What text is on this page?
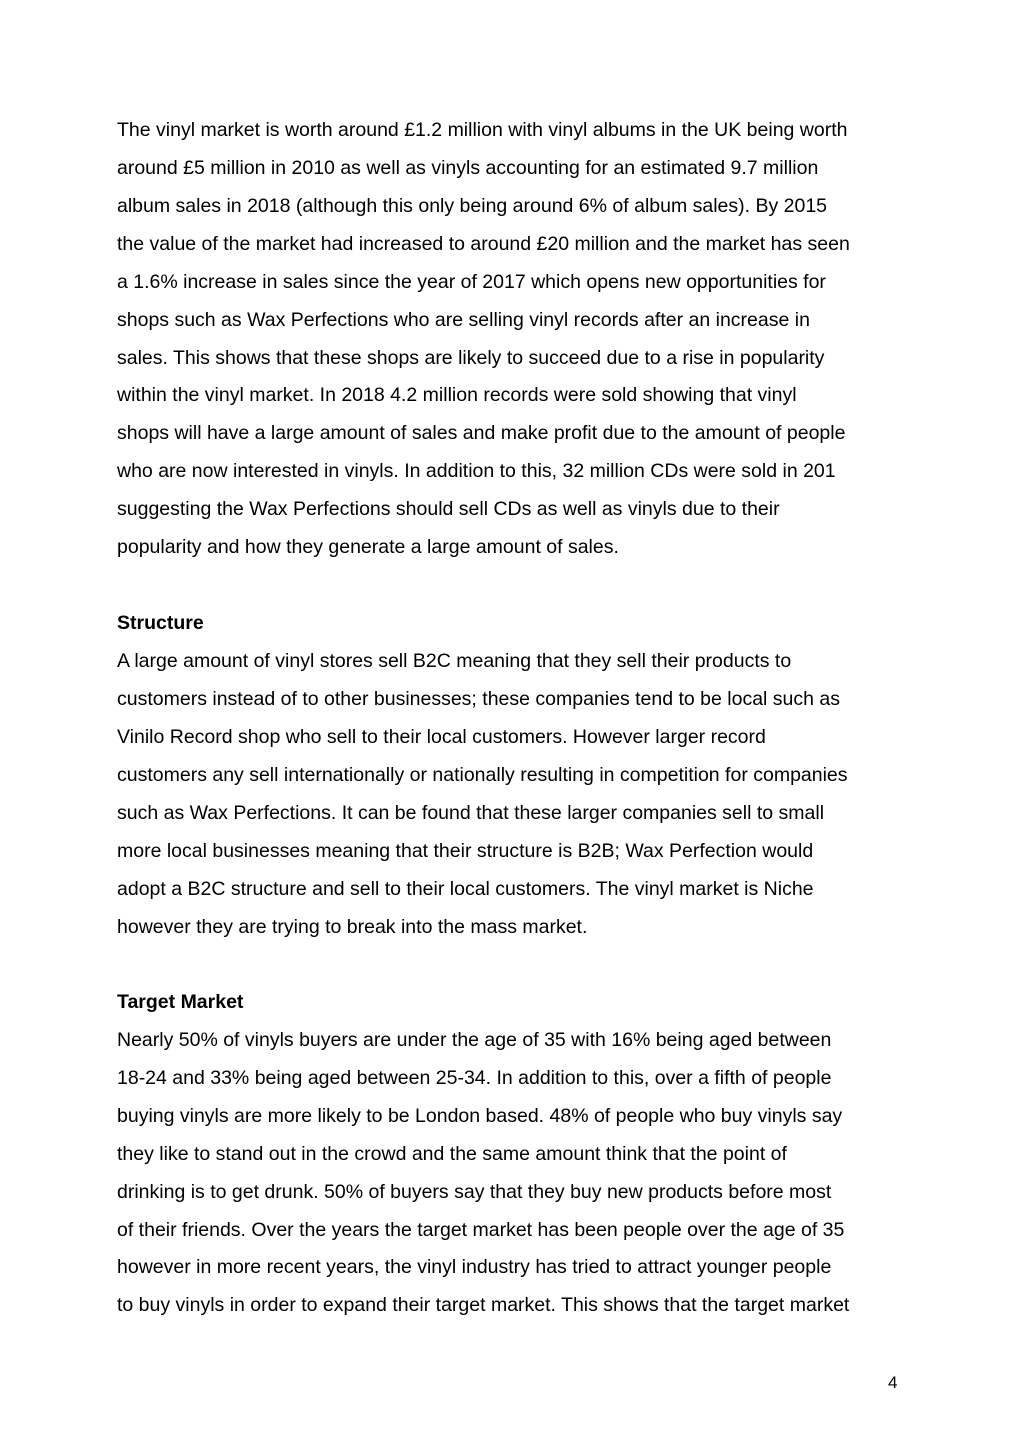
The vinyl market is worth around £1.2 million with vinyl albums in the UK being worth
around £5 million in 2010 as well as vinyls accounting for an estimated 9.7 million
album sales in 2018 (although this only being around 6% of album sales). By 2015
the value of the market had increased to around £20 million and the market has seen
a 1.6% increase in sales since the year of 2017 which opens new opportunities for
shops such as Wax Perfections who are selling vinyl records after an increase in
sales. This shows that these shops are likely to succeed due to a rise in popularity
within the vinyl market. In 2018 4.2 million records were sold showing that vinyl
shops will have a large amount of sales and make profit due to the amount of people
who are now interested in vinyls. In addition to this, 32 million CDs were sold in 201
suggesting the Wax Perfections should sell CDs as well as vinyls due to their
popularity and how they generate a large amount of sales.
Structure
A large amount of vinyl stores sell B2C meaning that they sell their products to
customers instead of to other businesses; these companies tend to be local such as
Vinilo Record shop who sell to their local customers. However larger record
customers any sell internationally or nationally resulting in competition for companies
such as Wax Perfections. It can be found that these larger companies sell to small
more local businesses meaning that their structure is B2B; Wax Perfection would
adopt a B2C structure and sell to their local customers. The vinyl market is Niche
however they are trying to break into the mass market.
Target Market
Nearly 50% of vinyls buyers are under the age of 35 with 16% being aged between
18-24 and 33% being aged between 25-34. In addition to this, over a fifth of people
buying vinyls are more likely to be London based. 48% of people who buy vinyls say
they like to stand out in the crowd and the same amount think that the point of
drinking is to get drunk. 50% of buyers say that they buy new products before most
of their friends. Over the years the target market has been people over the age of 35
however in more recent years, the vinyl industry has tried to attract younger people
to buy vinyls in order to expand their target market. This shows that the target market
4
